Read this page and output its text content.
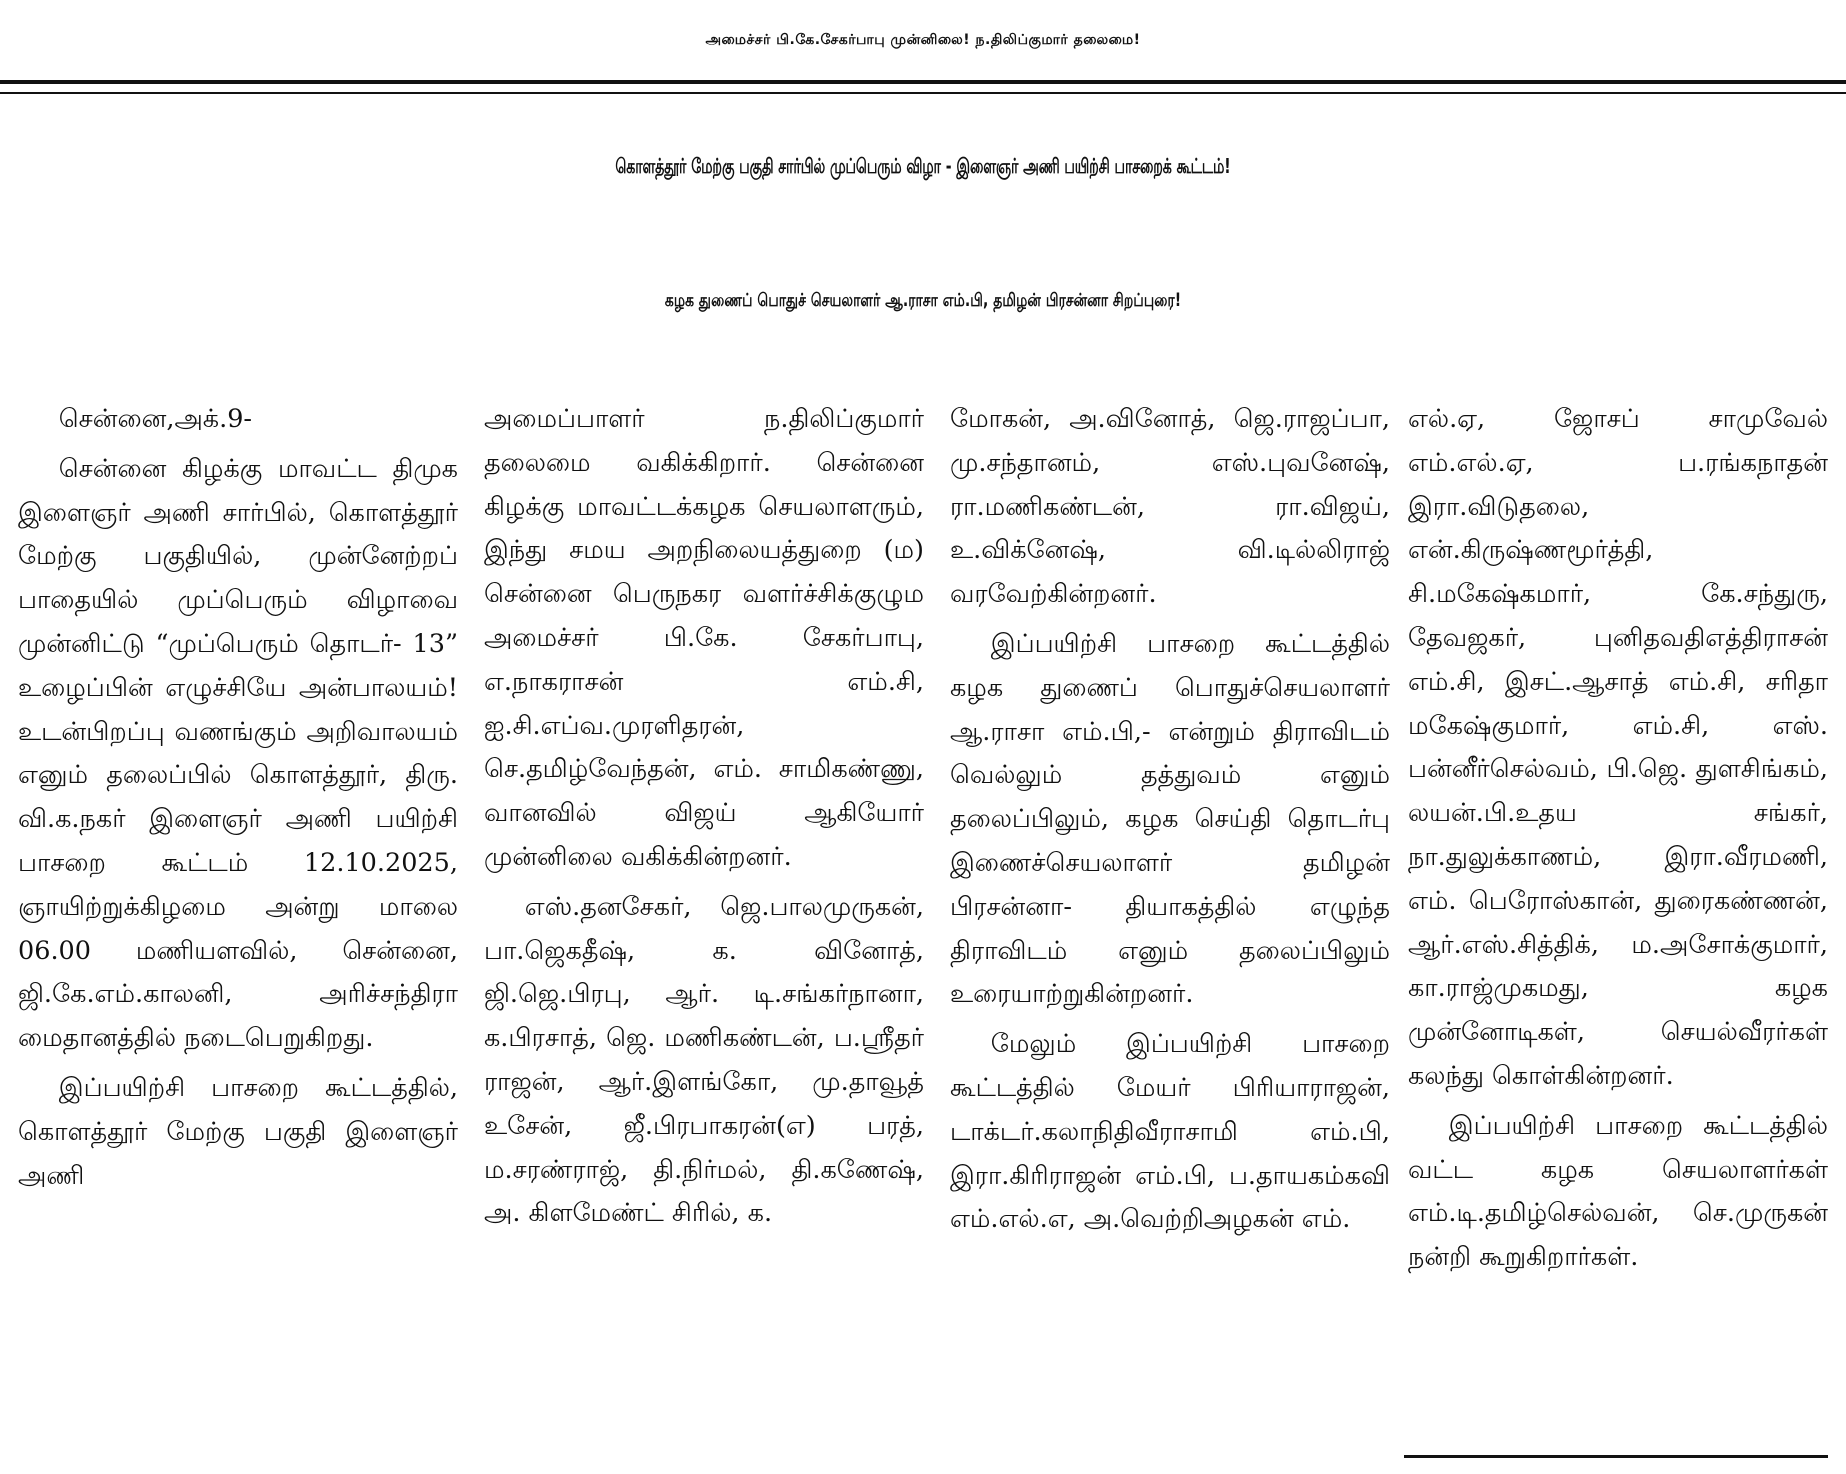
அமைச்சர் பி.கே.சேகர்பாபு முன்னிலை! ந.திலிப்குமார் தலைமை!
கொளத்தூர் மேற்கு பகுதி சார்பில் முப்பெரும் விழா - இளைஞர் அணி பயிற்சி பாசறைக் கூட்டம்!
கழக துணைப் பொதுச் செயலாளர் ஆ.ராசா எம்.பி, தமிழன் பிரசன்னா சிறப்புரை!

சென்னை,அக்.9-

சென்னை கிழக்கு மாவட்ட திமுக இளைஞர் அணி சார்பில், கொளத்தூர் மேற்கு பகுதியில், முன்னேற்றப் பாதையில் முப்பெரும் விழாவை முன்னிட்டு “முப்பெரும் தொடர்- 13” உழைப்பின் எழுச்சியே அன்பாலயம்! உடன்பிறப்பு வணங்கும் அறிவாலயம் எனும் தலைப்பில் கொளத்தூர், திரு. வி.க.நகர் இளைஞர் அணி பயிற்சி பாசறை கூட்டம் 12.10.2025, ஞாயிற்றுக்கிழமை அன்று மாலை 06.00 மணியளவில், சென்னை, ஜி.கே.எம்.காலனி, அரிச்சந்திரா மைதானத்தில் நடைபெறுகிறது.

இப்பயிற்சி பாசறை கூட்டத்தில், கொளத்தூர் மேற்கு பகுதி இளைஞர் அணி

அமைப்பாளர் ந.திலிப்குமார் தலைமை வகிக்கிறார். சென்னை கிழக்கு மாவட்டக்கழக செயலாளரும், இந்து சமய அறநிலையத்துறை (ம) சென்னை பெருநகர வளர்ச்சிக்குழும அமைச்சர் பி.கே. சேகர்பாபு, எ.நாகராசன் எம்.சி, ஐ.சி.எப்வ.முரளிதரன், செ.தமிழ்வேந்தன், எம். சாமிகண்ணு, வானவில் விஜய் ஆகியோர் முன்னிலை வகிக்கின்றனர்.

எஸ்.தனசேகர், ஜெ.பாலமுருகன், பா.ஜெகதீஷ், க. வினோத், ஜி.ஜெ.பிரபு, ஆர். டி.சங்கர்நானா, க.பிரசாத், ஜெ. மணிகண்டன், ப.ஸ்ரீதர் ராஜன், ஆர்.இளங்கோ, மு.தாவூத் உசேன், ஜீ.பிரபாகரன்(எ) பரத், ம.சரண்ராஜ், தி.நிர்மல், தி.கணேஷ், அ. கிளமேண்ட் சிரில், க.

மோகன், அ.வினோத், ஜெ.ராஜப்பா, மு.சந்தானம், எஸ்.புவனேஷ், ரா.மணிகண்டன், ரா.விஜய், உ.விக்னேஷ், வி.டில்லிராஜ் வரவேற்கின்றனர்.

இப்பயிற்சி பாசறை கூட்டத்தில் கழக துணைப் பொதுச்செயலாளர் ஆ.ராசா எம்.பி,- என்றும் திராவிடம் வெல்லும் தத்துவம் எனும் தலைப்பிலும், கழக செய்தி தொடர்பு இணைச்செயலாளர் தமிழன் பிரசன்னா- தியாகத்தில் எழுந்த திராவிடம் எனும் தலைப்பிலும் உரையாற்றுகின்றனர்.

மேலும் இப்பயிற்சி பாசறை கூட்டத்தில் மேயர் பிரியாராஜன், டாக்டர்.கலாநிதிவீராசாமி எம்.பி, இரா.கிரிராஜன் எம்.பி, ப.தாயகம்கவி எம்.எல்.எ, அ.வெற்றிஅழகன் எம்.

எல்.ஏ, ஜோசப் சாமுவேல் எம்.எல்.ஏ, ப.ரங்கநாதன் இரா.விடுதலை, என்.கிருஷ்ணமூர்த்தி, சி.மகேஷ்கமார், கே.சந்துரு, தேவஜகர், புனிதவதிஎத்திராசன் எம்.சி, இசட்.ஆசாத் எம்.சி, சரிதா மகேஷ்குமார், எம்.சி, எஸ். பன்னீர்செல்வம், பி.ஜெ. துளசிங்கம், லயன்.பி.உதய சங்கர், நா.துலுக்காணம், இரா.வீரமணி, எம். பெரோஸ்கான், துரைகண்ணன், ஆர்.எஸ்.சித்திக், ம.அசோக்குமார், கா.ராஜ்முகமது, கழக முன்னோடிகள், செயல்வீரர்கள் கலந்து கொள்கின்றனர்.

இப்பயிற்சி பாசறை கூட்டத்தில் வட்ட கழக செயலாளர்கள் எம்.டி.தமிழ்செல்வன், செ.முருகன் நன்றி கூறுகிறார்கள்.
